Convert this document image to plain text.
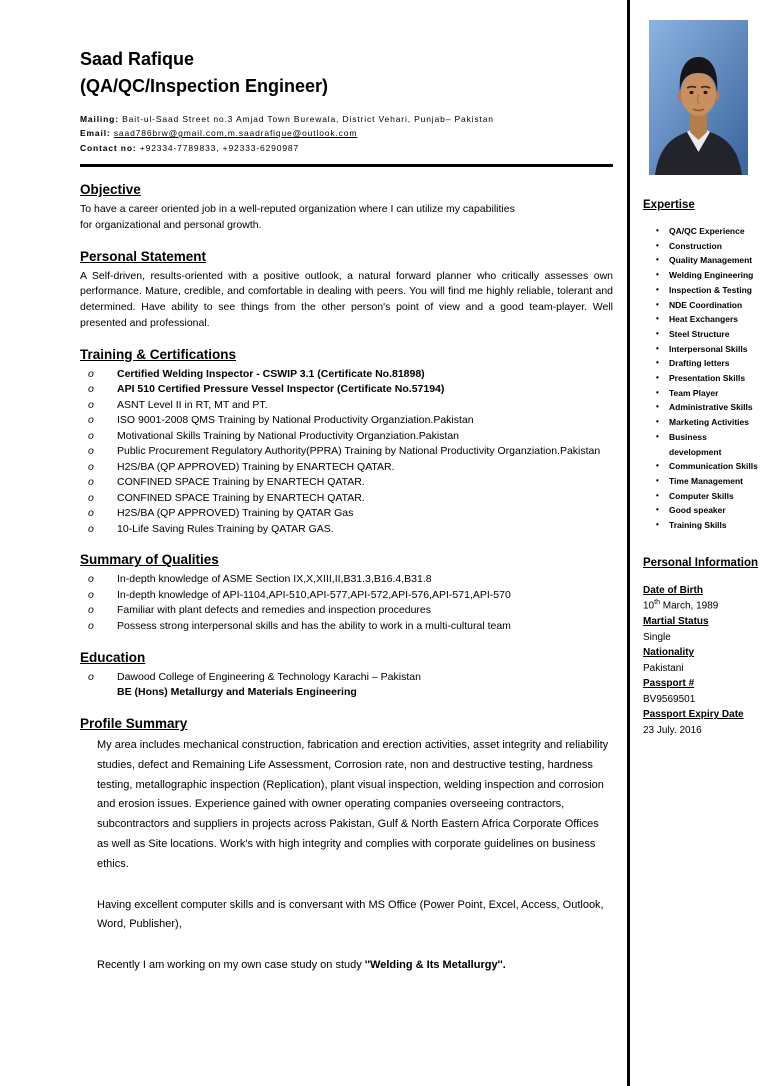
Saad Rafique
(QA/QC/Inspection Engineer)
Mailing: Bait-ul-Saad Street no.3 Amjad Town Burewala, District Vehari, Punjab– Pakistan
Email: saad786brw@gmail.com,m.saadrafique@outlook.com
Contact no: +92334-7789833, +92333-6290987
Objective
To have a career oriented job in a well-reputed organization where I can utilize my capabilities
for organizational and personal growth.
Personal Statement

A Self-driven, results-oriented with a positive outlook, a natural forward planner who critically assesses own performance. Mature, credible, and comfortable in dealing with peers. You will find me highly reliable, tolerant and determined. Have ability to see things from the other person's point of view and a good team-player. Well presented and professional.

Training & Certifications
o	Certified Welding Inspector - CSWIP 3.1 (Certificate No.81898)
o	API 510 Certified Pressure Vessel Inspector (Certificate No.57194)
o	ASNT Level II in RT, MT and PT.
o	ISO 9001-2008 QMS Training by National Productivity Organziation.Pakistan
o	Motivational Skills Training by National Productivity Organziation.Pakistan
o	Public Procurement Regulatory Authority(PPRA) Training by National Productivity Organziation.Pakistan
o	H2S/BA (QP APPROVED) Training by ENARTECH QATAR.
o	CONFINED SPACE Training by ENARTECH QATAR.
o	CONFINED SPACE Training by ENARTECH QATAR.
o	H2S/BA (QP APPROVED) Training by QATAR Gas
o	10-Life Saving Rules Training by QATAR GAS.
Summary of Qualities
o	In-depth knowledge of ASME Section IX,X,XIII,II,B31.3,B16.4,B31.8
o	In-depth knowledge of API-1104,API-510,API-577,API-572,API-576,API-571,API-570
o	Familiar with plant defects and remedies and inspection procedures
o	Possess strong interpersonal skills and has the ability to work in a multi-cultural team
Education
o	Dawood College of Engineering & Technology Karachi – Pakistan
BE (Hons) Metallurgy and Materials Engineering
Profile Summary

My area includes mechanical construction, fabrication and erection activities, asset integrity and reliability studies, defect and Remaining Life Assessment, Corrosion rate, non and destructive testing, hardness testing, metallographic inspection (Replication), plant visual inspection, welding inspection and corrosion and erosion issues. Experience gained with owner operating companies overseeing contractors, subcontractors and suppliers in projects across Pakistan, Gulf & North Eastern Africa Corporate Offices as well as Site locations. Work's with high integrity and complies with corporate guidelines on business ethics.

Having excellent computer skills and is conversant with MS Office (Power Point, Excel, Access, Outlook, Word, Publisher),

Recently I am working on my own case study on study ''Welding & Its Metallurgy''.

Expertise
•	QA/QC Experience
•	Construction
•	Quality Management
•	Welding Engineering
•	Inspection & Testing
•	NDE Coordination
•	Heat Exchangers
•	Steel Structure
•	Interpersonal Skills
•	Drafting letters
•	Presentation Skills
•	Team Player
•	Administrative Skills
•	Marketing Activities
•	Business development
•	Communication Skills
•	Time Management
•	Computer Skills
•	Good speaker
•	Training Skills
Personal Information
Date of Birth
10th March, 1989
Martial Status
Single
Nationality
Pakistani
Passport #
BV9569501
Passport Expiry Date
23 July. 2016
